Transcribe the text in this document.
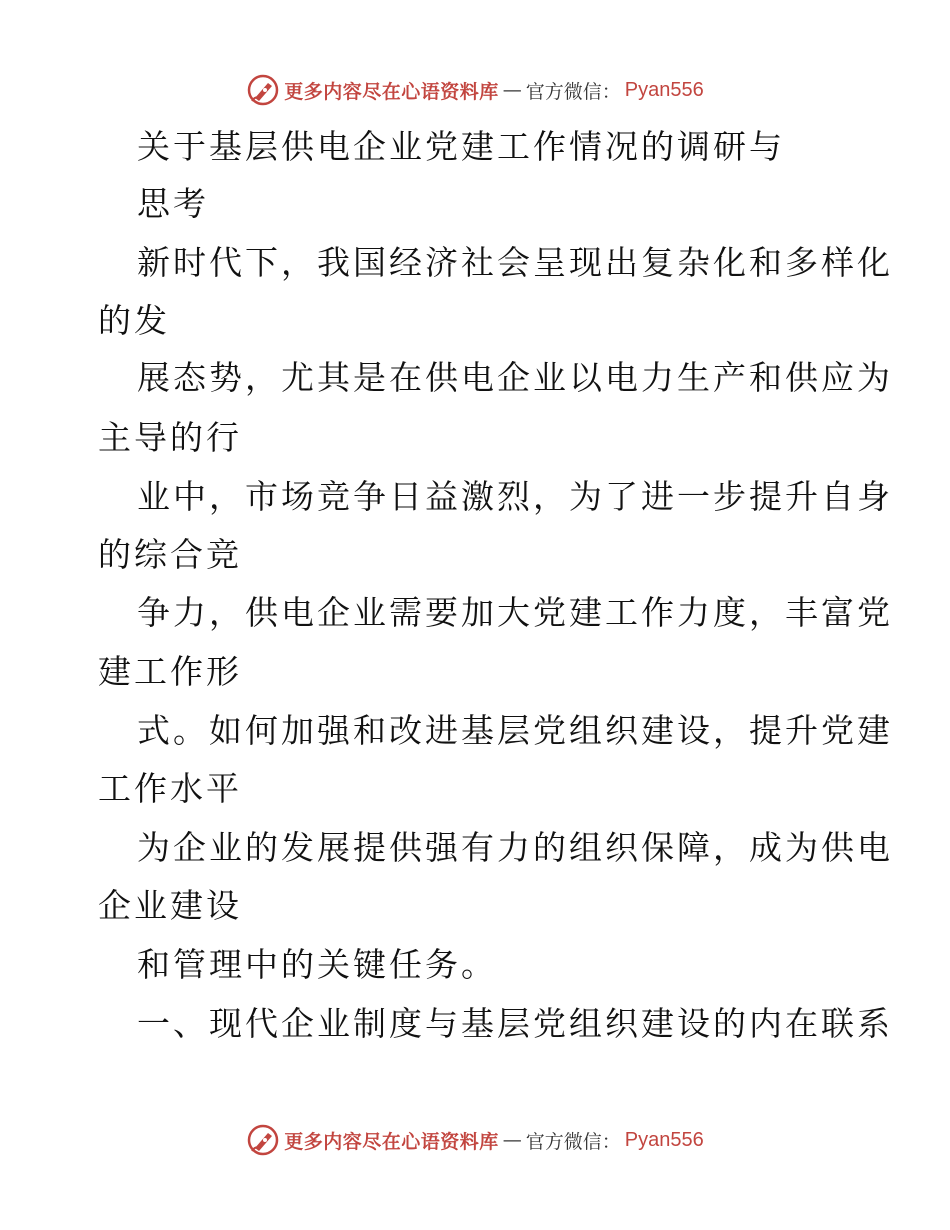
更多内容尽在心语资料库 — 官方微信： Pyan556
关于基层供电企业党建工作情况的调研与
思考
新时代下，我国经济社会呈现出复杂化和多样化
的发
展态势，尤其是在供电企业以电力生产和供应为
主导的行
业中，市场竞争日益激烈，为了进一步提升自身
的综合竞
争力，供电企业需要加大党建工作力度，丰富党
建工作形
式。如何加强和改进基层党组织建设，提升党建
工作水平
为企业的发展提供强有力的组织保障，成为供电
企业建设
和管理中的关键任务。
一、现代企业制度与基层党组织建设的内在联系
更多内容尽在心语资料库 — 官方微信： Pyan556
